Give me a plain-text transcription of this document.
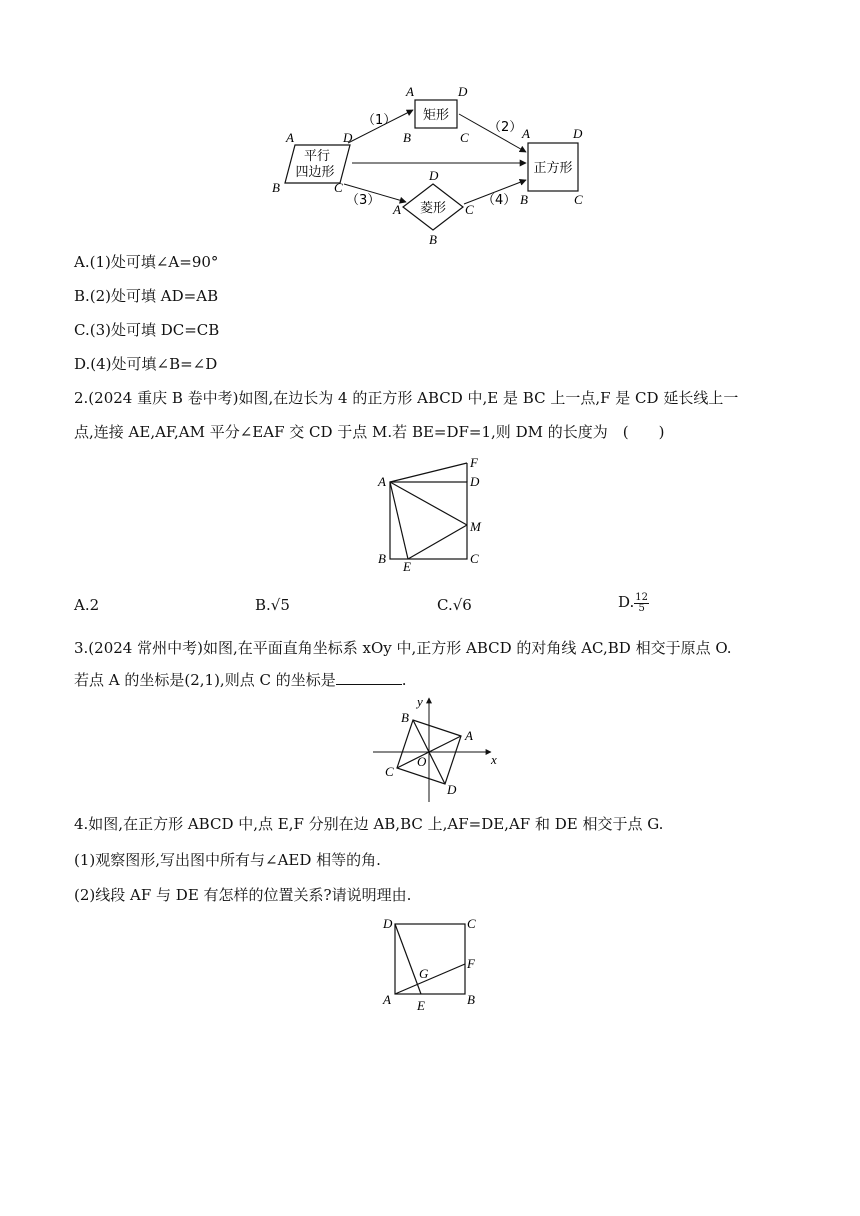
平行
四边形
A	D
B	C
矩形
A	D
B	C
正方形
A	D
B	C
菱形
D
A	C
B
（1）	（2）
（3）	（4）
A.(1)处可填∠A=90°
B.(2)处可填 AD=AB
C.(3)处可填 DC=CB
D.(4)处可填∠B=∠D
2.(2024 重庆 B 卷中考)如图,在边长为 4 的正方形 ABCD 中,E 是 BC 上一点,F 是 CD 延长线上一
点,连接 AE,AF,AM 平分∠EAF 交 CD 于点 M.若 BE=DF=1,则 DM 的长度为　(　　)
A
F
D
M
B	C
E
A.2	B.√5	C.√6	D. $\frac{12}{5}$
3.(2024 常州中考)如图,在平面直角坐标系 xOy 中,正方形 ABCD 的对角线 AC,BD 相交于原点 O.
若点 A 的坐标是(2,1),则点 C 的坐标是	.
A
B
C
D
O	x
y
4.如图,在正方形 ABCD 中,点 E,F 分别在边 AB,BC 上,AF=DE,AF 和 DE 相交于点 G.
(1)观察图形,写出图中所有与∠AED 相等的角.
(2)线段 AF 与 DE 有怎样的位置关系?请说明理由.
D	C
F
G
A	B
E
